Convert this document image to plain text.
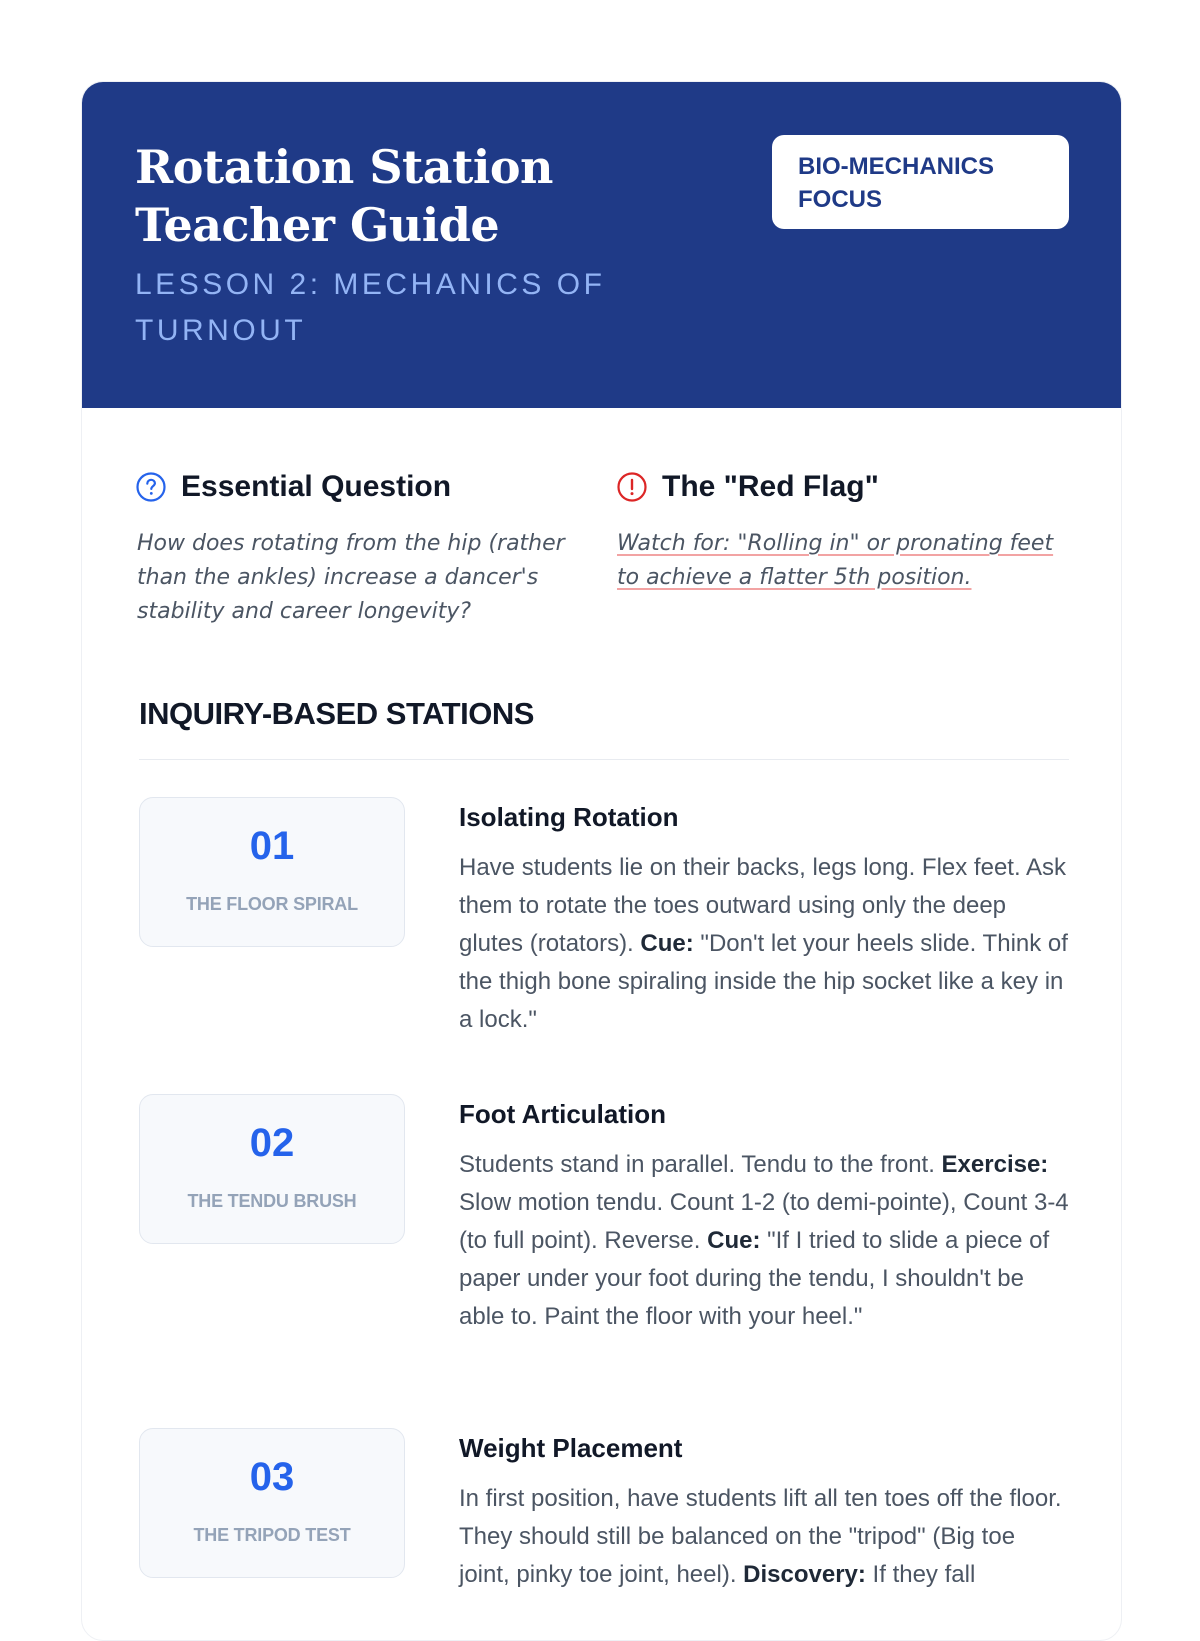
Rotation Station Teacher Guide
LESSON 2: MECHANICS OF TURNOUT
BIO-MECHANICS FOCUS
Essential Question

How does rotating from the hip (rather than the ankles) increase a dancer's stability and career longevity?

The "Red Flag"

Watch for: "Rolling in" or pronating feet to achieve a flatter 5th position.

INQUIRY-BASED STATIONS
01
THE FLOOR SPIRAL
Isolating Rotation

Have students lie on their backs, legs long. Flex feet. Ask them to rotate the toes outward using only the deep glutes (rotators). Cue: "Don't let your heels slide. Think of the thigh bone spiraling inside the hip socket like a key in a lock."

02
THE TENDU BRUSH
Foot Articulation

Students stand in parallel. Tendu to the front. Exercise: Slow motion tendu. Count 1-2 (to demi-pointe), Count 3-4 (to full point). Reverse. Cue: "If I tried to slide a piece of paper under your foot during the tendu, I shouldn't be able to. Paint the floor with your heel."

03
THE TRIPOD TEST
Weight Placement

In first position, have students lift all ten toes off the floor. They should still be balanced on the "tripod" (Big toe joint, pinky toe joint, heel). Discovery: If they fall
